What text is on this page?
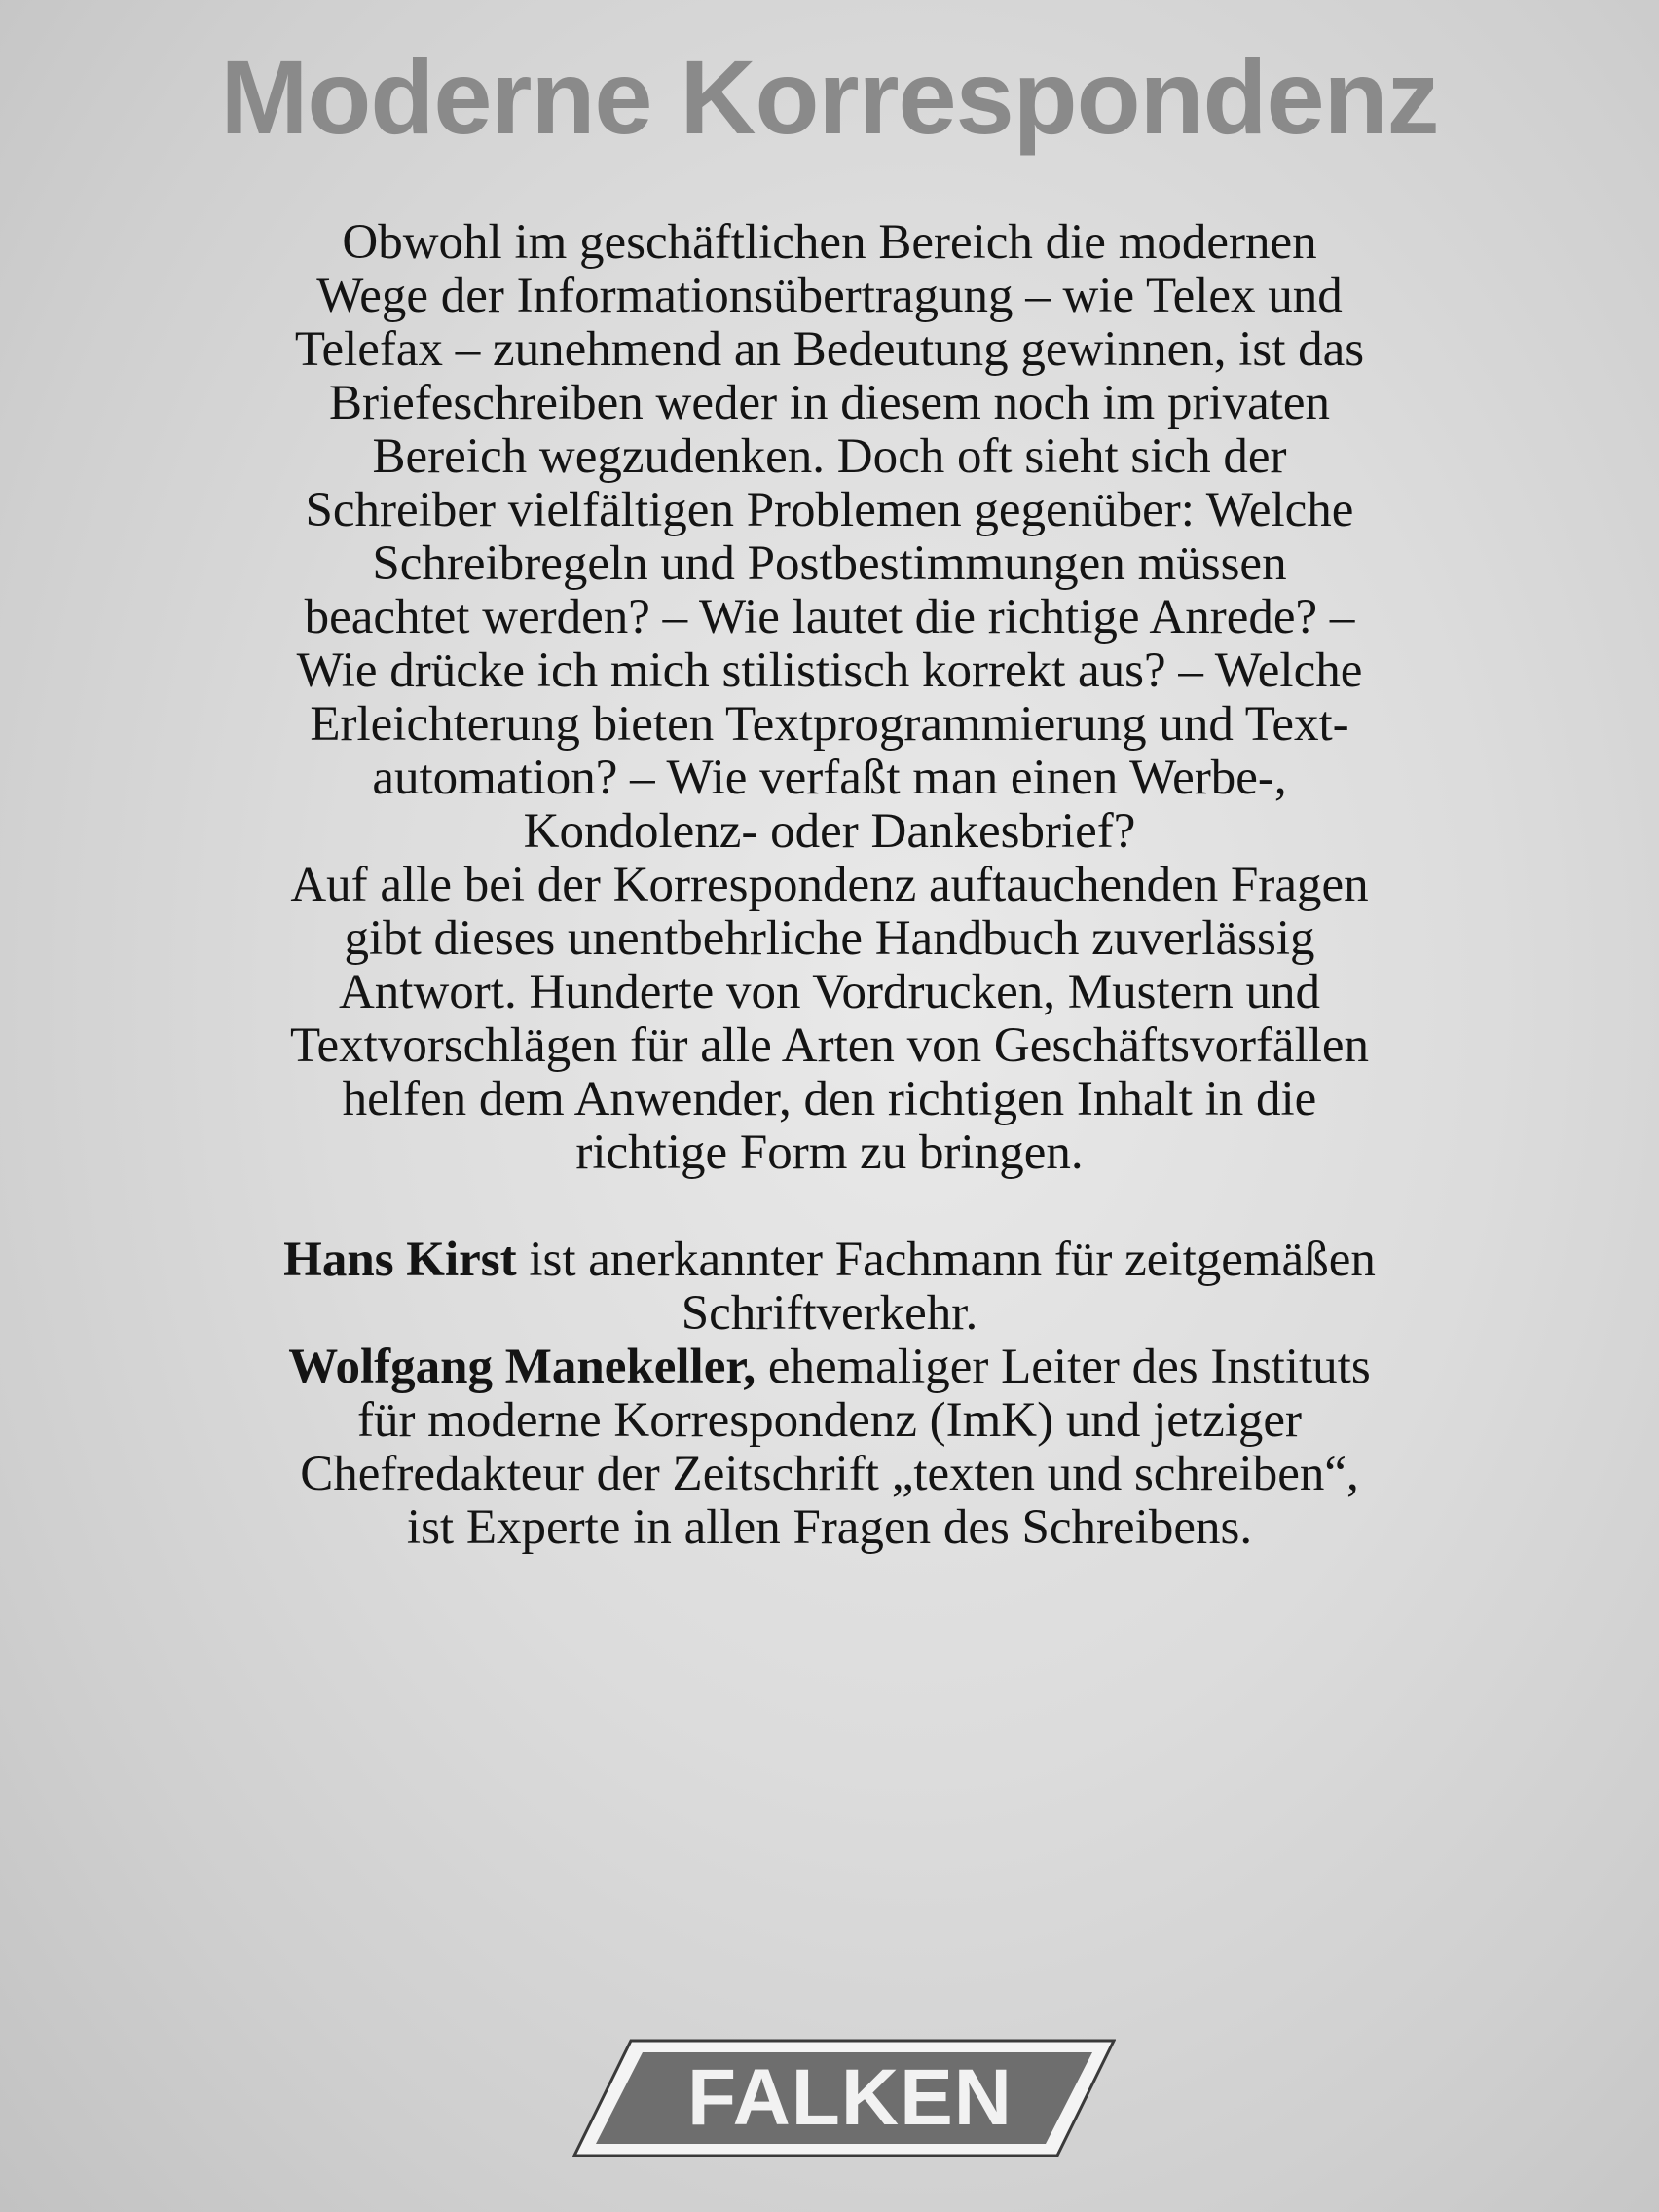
Moderne Korrespondenz

Obwohl im geschäftlichen Bereich die modernen
Wege der Informationsübertragung – wie Telex und
Telefax – zunehmend an Bedeutung gewinnen, ist das
Briefeschreiben weder in diesem noch im privaten
Bereich wegzudenken. Doch oft sieht sich der
Schreiber vielfältigen Problemen gegenüber: Welche
Schreibregeln und Postbestimmungen müssen
beachtet werden? – Wie lautet die richtige Anrede? –
Wie drücke ich mich stilistisch korrekt aus? – Welche
Erleichterung bieten Textprogrammierung und Text-
automation? – Wie verfaßt man einen Werbe-,
Kondolenz- oder Dankesbrief?
Auf alle bei der Korrespondenz auftauchenden Fragen
gibt dieses unentbehrliche Handbuch zuverlässig
Antwort. Hunderte von Vordrucken, Mustern und
Textvorschlägen für alle Arten von Geschäftsvorfällen
helfen dem Anwender, den richtigen Inhalt in die
richtige Form zu bringen.

Hans Kirst ist anerkannter Fachmann für zeitgemäßen
Schriftverkehr.

Wolfgang Manekeller, ehemaliger Leiter des Instituts
für moderne Korrespondenz (ImK) und jetziger
Chefredakteur der Zeitschrift „texten und schreiben“,
ist Experte in allen Fragen des Schreibens.

FALKEN
